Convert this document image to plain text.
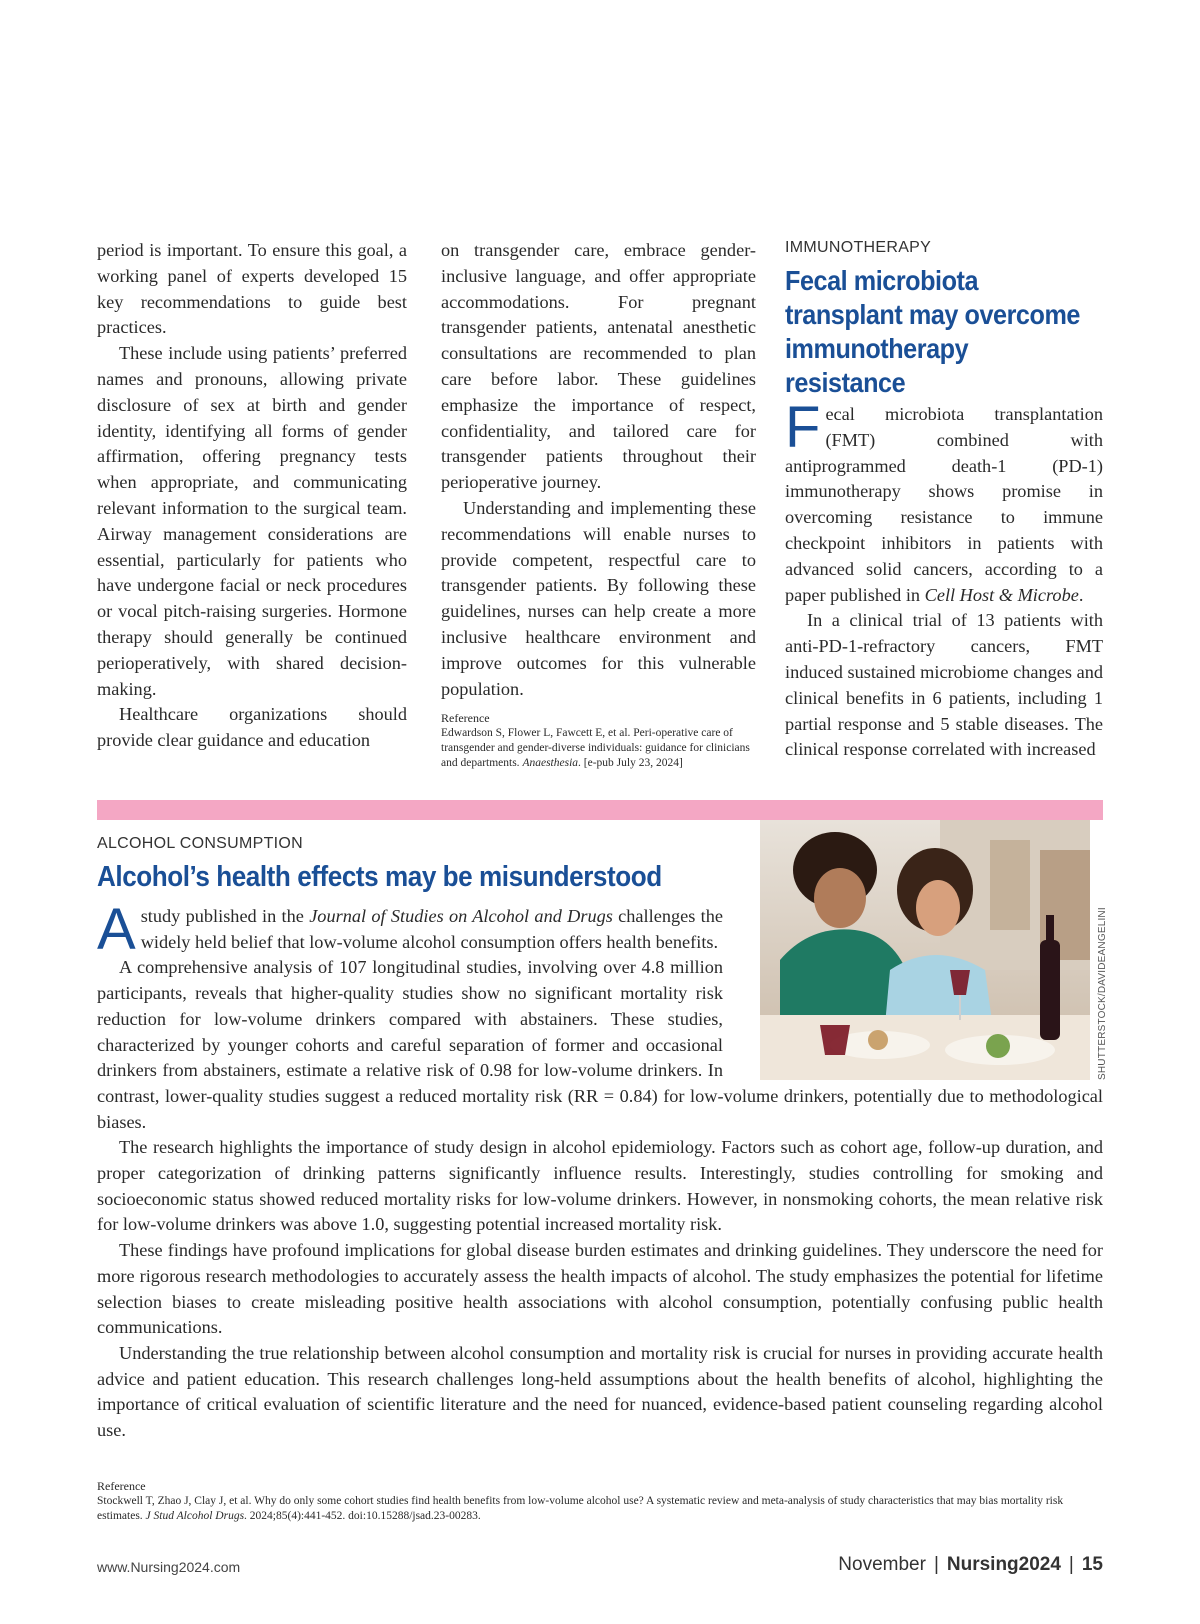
period is important. To ensure this goal, a working panel of experts developed 15 key recommendations to guide best practices.

These include using patients’ preferred names and pronouns, allowing private disclosure of sex at birth and gender identity, identifying all forms of gender affirmation, offering pregnancy tests when appropriate, and communicating relevant information to the surgical team. Airway management considerations are essential, particularly for patients who have undergone facial or neck procedures or vocal pitch-raising surgeries. Hormone therapy should generally be continued perioperatively, with shared decision-making.

Healthcare organizations should provide clear guidance and education

on transgender care, embrace gender-inclusive language, and offer appropriate accommodations. For pregnant transgender patients, antenatal anesthetic consultations are recommended to plan care before labor. These guidelines emphasize the importance of respect, confidentiality, and tailored care for transgender patients throughout their perioperative journey.

Understanding and implementing these recommendations will enable nurses to provide competent, respectful care to transgender patients. By following these guidelines, nurses can help create a more inclusive healthcare environment and improve outcomes for this vulnerable population.

Reference
Edwardson S, Flower L, Fawcett E, et al. Peri-operative care of transgender and gender-diverse individuals: guidance for clinicians and departments. Anaesthesia. [e-pub July 23, 2024]
IMMUNOTHERAPY
Fecal microbiota transplant may overcome immunotherapy resistance

Fecal microbiota transplantation (FMT) combined with antiprogrammed death-1 (PD-1) immunotherapy shows promise in overcoming resistance to immune checkpoint inhibitors in patients with advanced solid cancers, according to a paper published in Cell Host & Microbe.

In a clinical trial of 13 patients with anti-PD-1-refractory cancers, FMT induced sustained microbiome changes and clinical benefits in 6 patients, including 1 partial response and 5 stable diseases. The clinical response correlated with increased

SHUTTERSTOCK/DAVIDEANGELINI
ALCOHOL CONSUMPTION
Alcohol’s health effects may be misunderstood

A study published in the Journal of Studies on Alcohol and Drugs challenges the widely held belief that low-volume alcohol consumption offers health benefits.

A comprehensive analysis of 107 longitudinal studies, involving over 4.8 million participants, reveals that higher-quality studies show no significant mortality risk reduction for low-volume drinkers compared with abstainers. These studies, characterized by younger cohorts and careful separation of former and occasional drinkers from abstainers, estimate a relative risk of 0.98 for low-volume drinkers. In contrast, lower-quality studies suggest a reduced mortality risk (RR = 0.84) for low-volume drinkers, potentially due to methodological biases.

The research highlights the importance of study design in alcohol epidemiology. Factors such as cohort age, follow-up duration, and proper categorization of drinking patterns significantly influence results. Interestingly, studies controlling for smoking and socioeconomic status showed reduced mortality risks for low-volume drinkers. However, in nonsmoking cohorts, the mean relative risk for low-volume drinkers was above 1.0, suggesting potential increased mortality risk.

These findings have profound implications for global disease burden estimates and drinking guidelines. They underscore the need for more rigorous research methodologies to accurately assess the health impacts of alcohol. The study emphasizes the potential for lifetime selection biases to create misleading positive health associations with alcohol consumption, potentially confusing public health communications.

Understanding the true relationship between alcohol consumption and mortality risk is crucial for nurses in providing accurate health advice and patient education. This research challenges long-held assumptions about the health benefits of alcohol, highlighting the importance of critical evaluation of scientific literature and the need for nuanced, evidence-based patient counseling regarding alcohol use.

Reference
Stockwell T, Zhao J, Clay J, et al. Why do only some cohort studies find health benefits from low-volume alcohol use? A systematic review and meta-analysis of study characteristics that may bias mortality risk estimates. J Stud Alcohol Drugs. 2024;85(4):441-452. doi:10.15288/jsad.23-00283.
www.Nursing2024.com	November | Nursing2024 | 15
